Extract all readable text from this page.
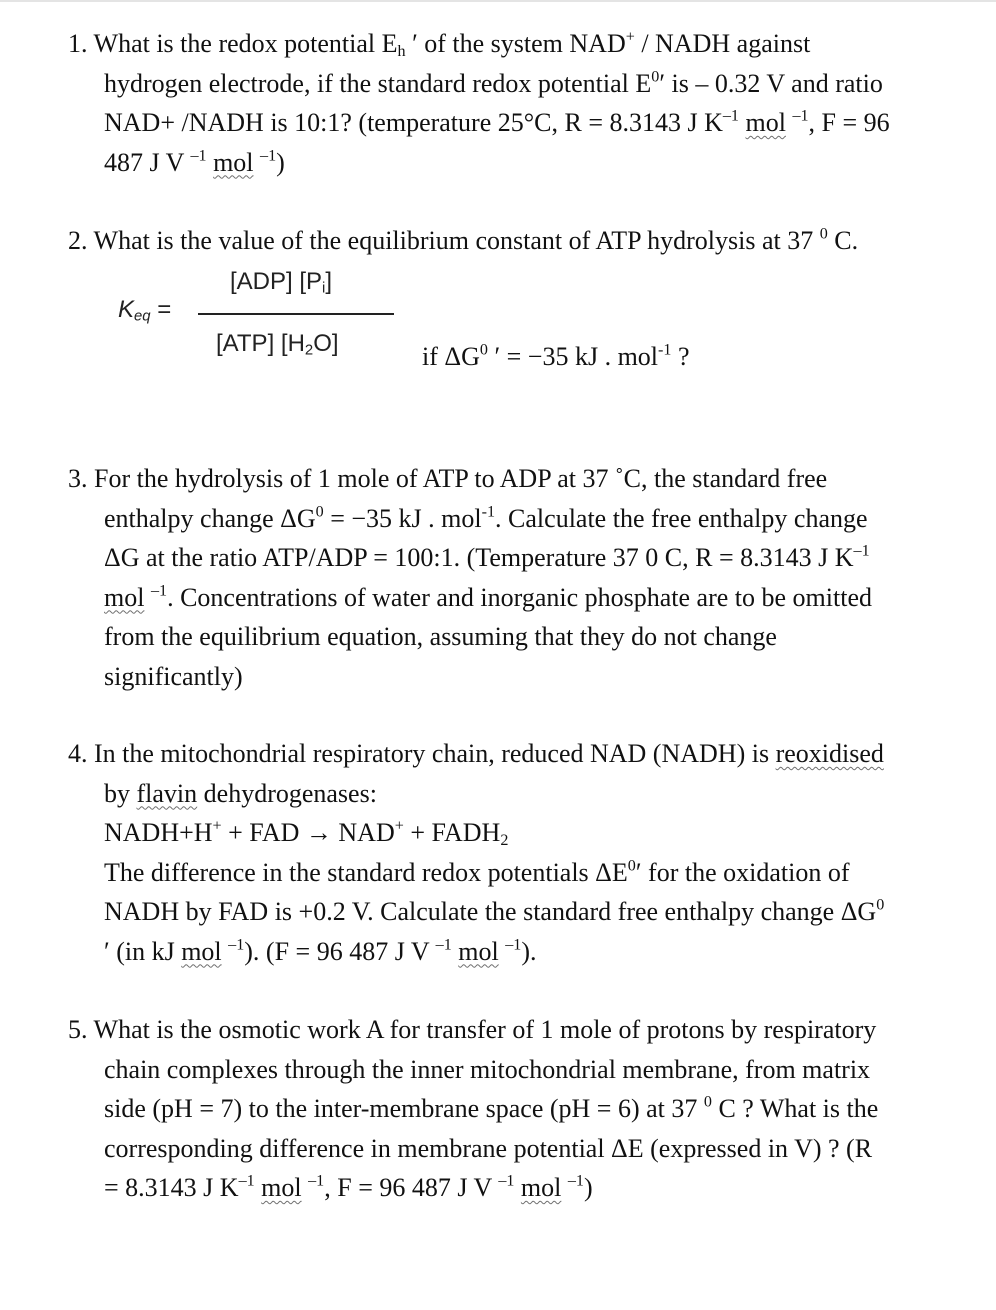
1. What is the redox potential $E_h$ ′ of the system NAD+ / NADH against
hydrogen electrode, if the standard redox potential $E^0'$ is – 0.32 V and ratio
NAD+ /NADH is 10:1? (temperature 25°C, R = 8.3143 J $K^{-1}$ mol $^{-1}$, F = 96
487 J V $^{-1}$ mol $^{-1}$)
2. What is the value of the equilibrium constant of ATP hydrolysis at 37 $^0$ C.
$K_{eq}$ =
[ADP] $[P_i]$
[ATP] $[H_2O]$	if $\Delta G^0$ ′ = −35 kJ . mol$^{-1}$ ?
3. For the hydrolysis of 1 mole of ATP to ADP at 37 ˚C, the standard free
enthalpy change $\Delta G^0 = -35$ kJ . mol$^{-1}$. Calculate the free enthalpy change
ΔG at the ratio ATP/ADP = 100:1. (Temperature 37 0 C, R = 8.3143 J $K^{-1}$
mol $^{-1}$. Concentrations of water and inorganic phosphate are to be omitted
from the equilibrium equation, assuming that they do not change
significantly)
4. In the mitochondrial respiratory chain, reduced NAD (NADH) is reoxidised
by flavin dehydrogenases:
NADH+H+ + FAD → $NAD^+ + FADH_2$
The difference in the standard redox potentials $\Delta E^0'$ for the oxidation of
NADH by FAD is +0.2 V. Calculate the standard free enthalpy change $\Delta G^0$
′ (in kJ mol $^{-1}$). (F = 96 487 J V $^{-1}$ mol $^{-1}$).
5. What is the osmotic work A for transfer of 1 mole of protons by respiratory
chain complexes through the inner mitochondrial membrane, from matrix
side (pH = 7) to the inter-membrane space (pH = 6) at 37 $^0$ C ? What is the
corresponding difference in membrane potential ΔE (expressed in V) ? (R
= 8.3143 J $K^{-1}$ mol $^{-1}$, F = 96 487 J V $^{-1}$ mol $^{-1}$)
